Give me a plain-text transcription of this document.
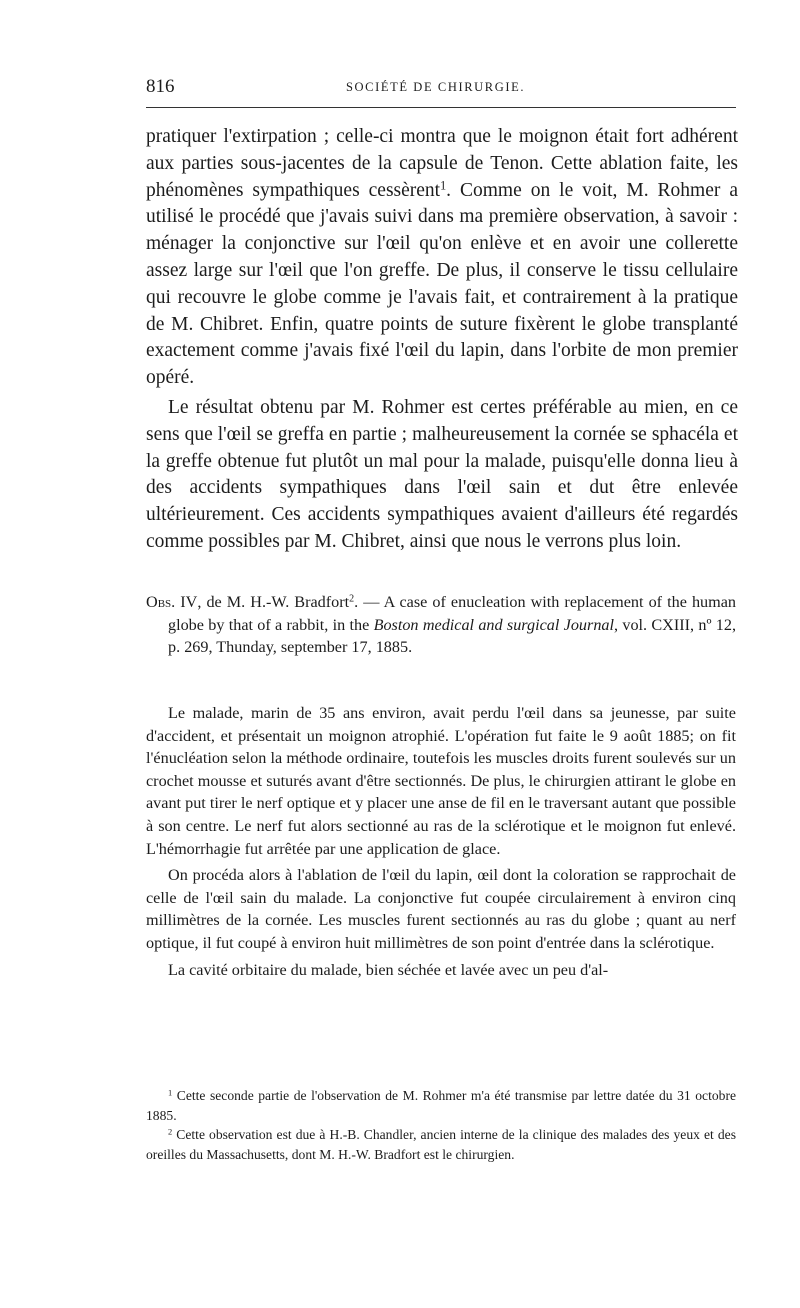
816	SOCIÉTÉ DE CHIRURGIE.

pratiquer l'extirpation ; celle-ci montra que le moignon était fort adhérent aux parties sous-jacentes de la capsule de Tenon. Cette ablation faite, les phénomènes sympathiques cessèrent$^1$. Comme on le voit, M. Rohmer a utilisé le procédé que j'avais suivi dans ma première observation, à savoir : ménager la conjonctive sur l'œil qu'on enlève et en avoir une collerette assez large sur l'œil que l'on greffe. De plus, il conserve le tissu cellulaire qui recouvre le globe comme je l'avais fait, et contrairement à la pratique de M. Chibret. Enfin, quatre points de suture fixèrent le globe transplanté exactement comme j'avais fixé l'œil du lapin, dans l'orbite de mon premier opéré.

Le résultat obtenu par M. Rohmer est certes préférable au mien, en ce sens que l'œil se greffa en partie ; malheureusement la cornée se sphacéla et la greffe obtenue fut plutôt un mal pour la malade, puisqu'elle donna lieu à des accidents sympathiques dans l'œil sain et dut être enlevée ultérieurement. Ces accidents sympathiques avaient d'ailleurs été regardés comme possibles par M. Chibret, ainsi que nous le verrons plus loin.

Obs. IV, de M. H.-W. Bradfort$^2$. — A case of enucleation with replacement of the human globe by that of a rabbit, in the Boston medical and surgical Journal, vol. CXIII, nº 12, p. 269, Thunday, september 17, 1885.

Le malade, marin de 35 ans environ, avait perdu l'œil dans sa jeunesse, par suite d'accident, et présentait un moignon atrophié. L'opération fut faite le 9 août 1885; on fit l'énucléation selon la méthode ordinaire, toutefois les muscles droits furent soulevés sur un crochet mousse et suturés avant d'être sectionnés. De plus, le chirurgien attirant le globe en avant put tirer le nerf optique et y placer une anse de fil en le traversant autant que possible à son centre. Le nerf fut alors sectionné au ras de la sclérotique et le moignon fut enlevé. L'hémorrhagie fut arrêtée par une application de glace.

On procéda alors à l'ablation de l'œil du lapin, œil dont la coloration se rapprochait de celle de l'œil sain du malade. La conjonctive fut coupée circulairement à environ cinq millimètres de la cornée. Les muscles furent sectionnés au ras du globe ; quant au nerf optique, il fut coupé à environ huit millimètres de son point d'entrée dans la sclérotique.

La cavité orbitaire du malade, bien séchée et lavée avec un peu d'al-

$^1$ Cette seconde partie de l'observation de M. Rohmer m'a été transmise par lettre datée du 31 octobre 1885.

$^2$ Cette observation est due à H.-B. Chandler, ancien interne de la clinique des malades des yeux et des oreilles du Massachusetts, dont M. H.-W. Bradfort est le chirurgien.
